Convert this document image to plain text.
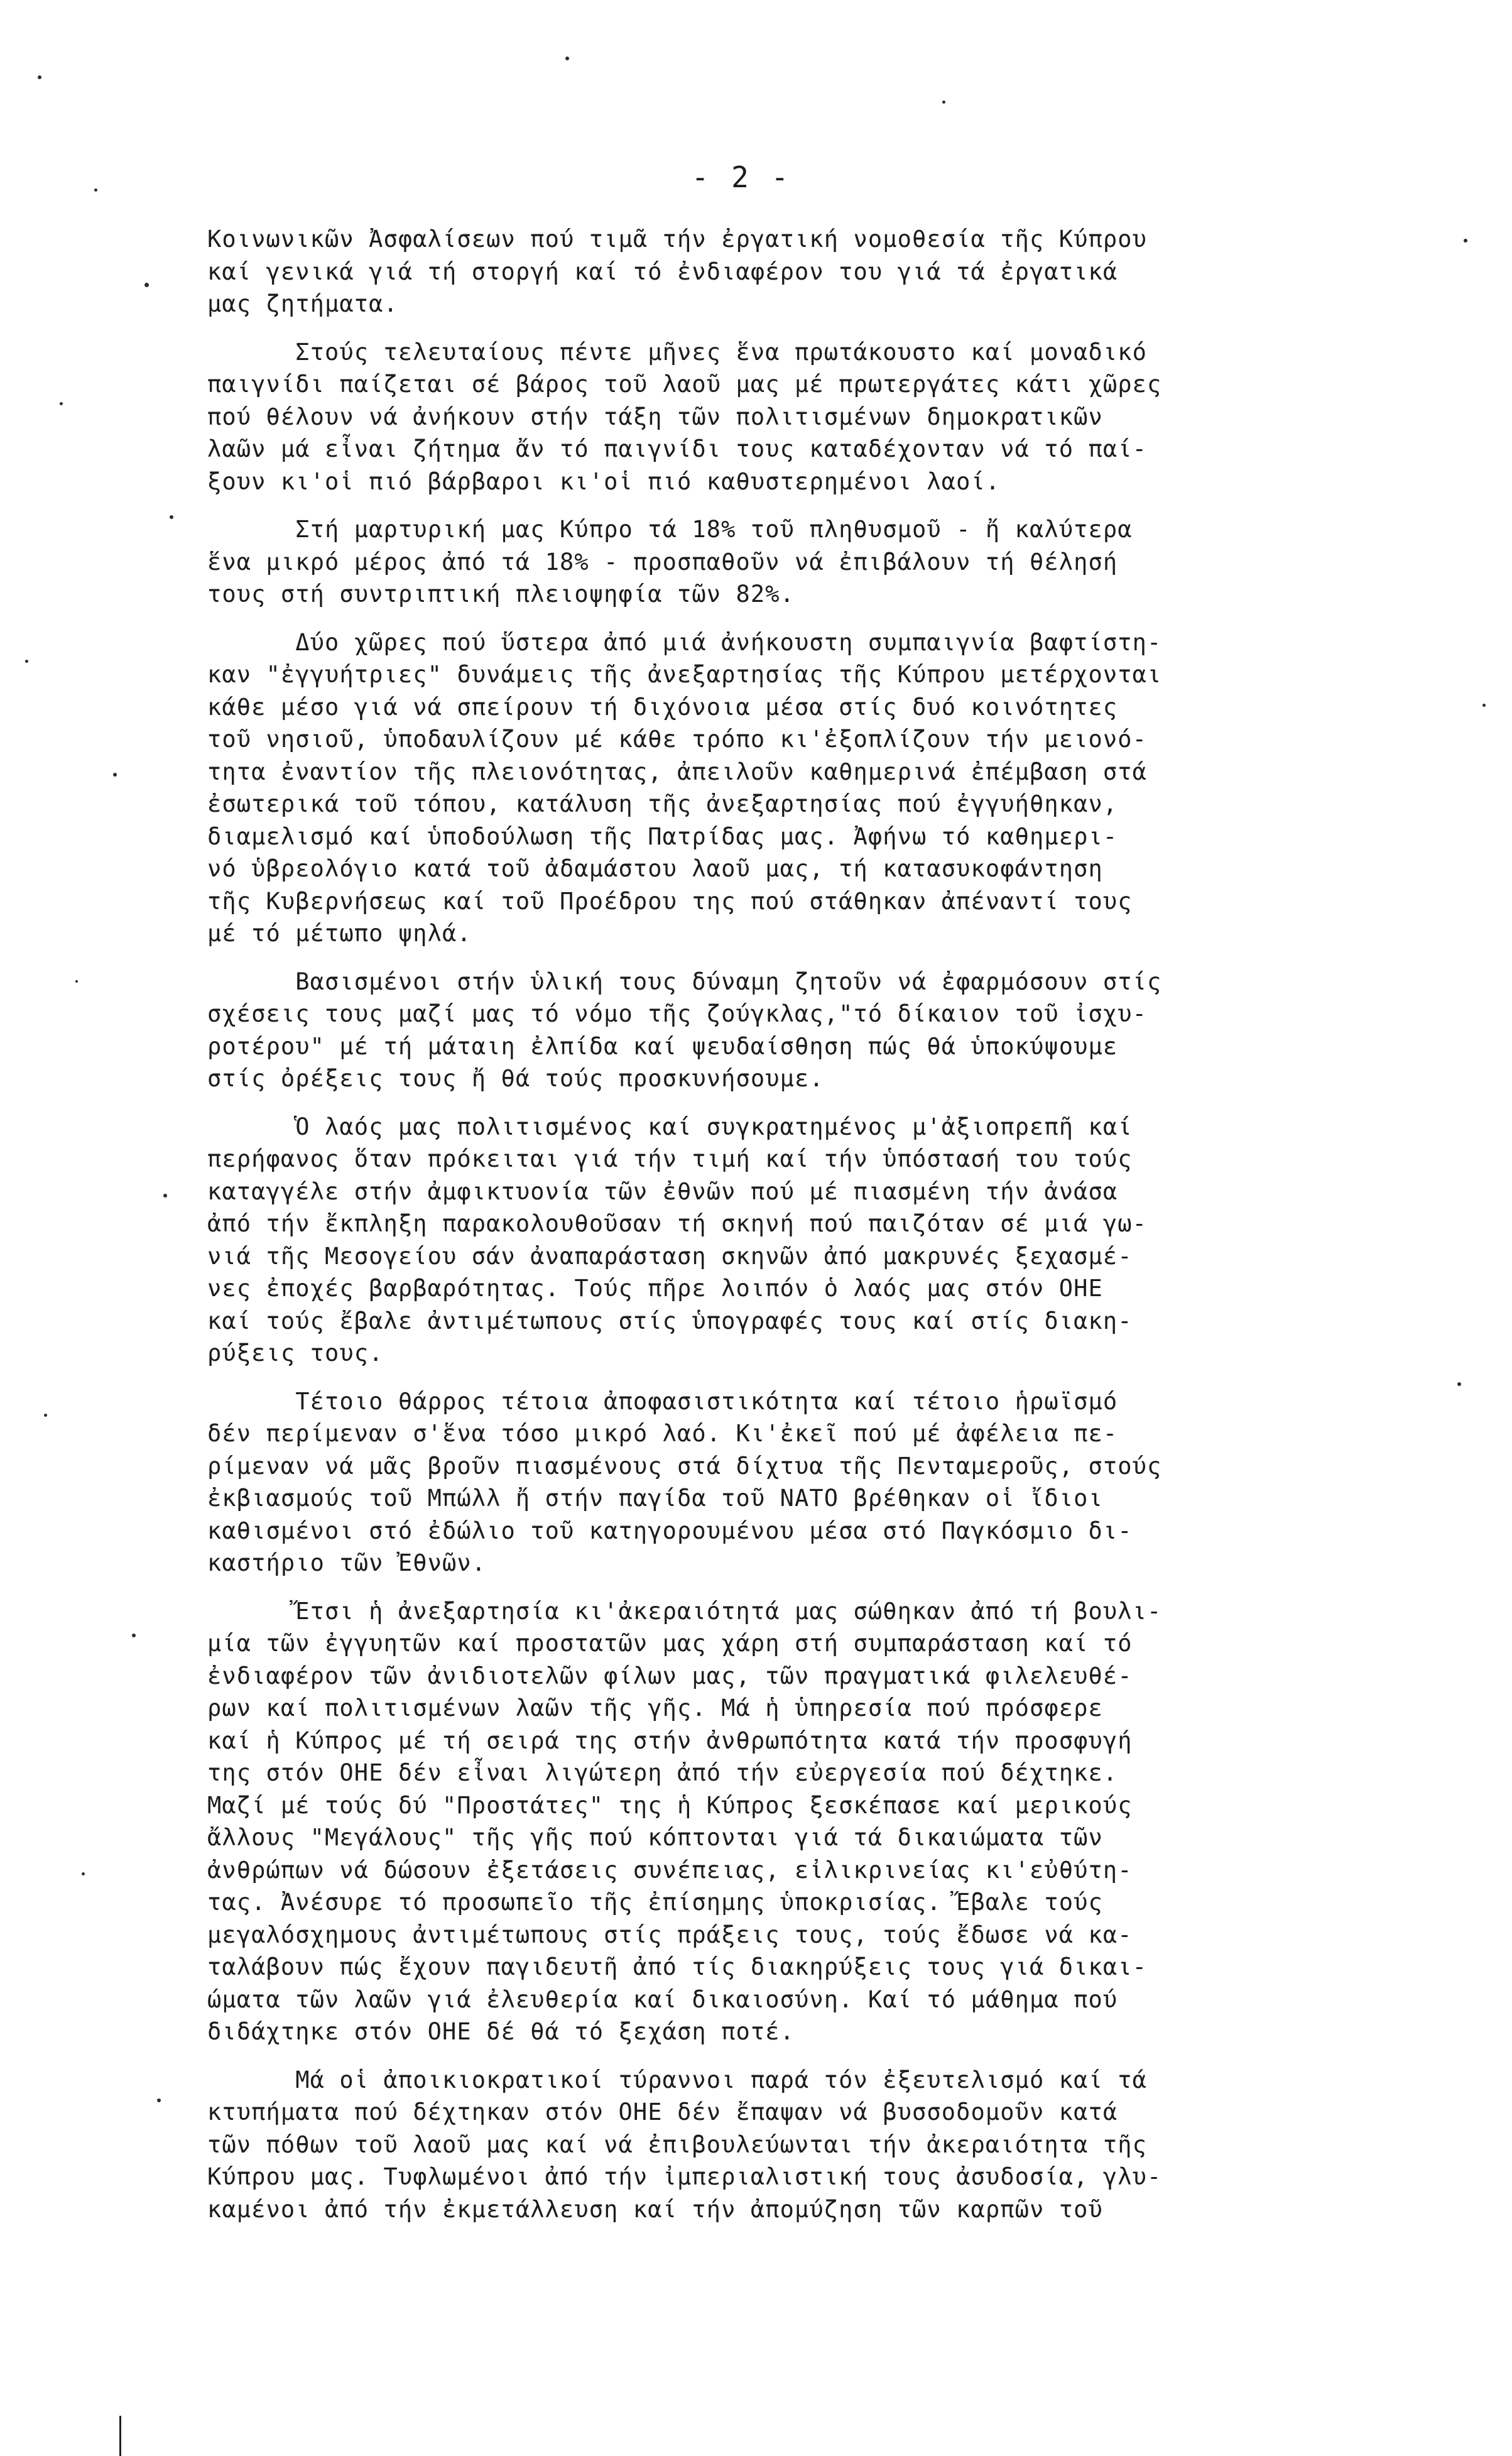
- 2 -
Κοινωνικῶν Ἀσφαλίσεων πού τιμᾶ τήν ἐργατική νομοθεσία τῆς Κύπρου
καί γενικά γιά τή στοργή καί τό ἐνδιαφέρον του γιά τά ἐργατικά
μας ζητήματα.
Στούς τελευταίους πέντε μῆνες ἕνα πρωτάκουστο καί μοναδικό
παιγνίδι παίζεται σέ βάρος τοῦ λαοῦ μας μέ πρωτεργάτες κάτι χῶρες
πού θέλουν νά ἀνήκουν στήν τάξη τῶν πολιτισμένων δημοκρατικῶν
λαῶν μά εἶναι ζήτημα ἄν τό παιγνίδι τους καταδέχονταν νά τό παί-
ξουν κι'οἱ πιό βάρβαροι κι'οἱ πιό καθυστερημένοι λαοί.
Στή μαρτυρική μας Κύπρο τά 18% τοῦ πληθυσμοῦ - ἤ καλύτερα
ἕνα μικρό μέρος ἀπό τά 18% - προσπαθοῦν νά ἐπιβάλουν τή θέλησή
τους στή συντριπτική πλειοψηφία τῶν 82%.
Δύο χῶρες πού ὕστερα ἀπό μιά ἀνήκουστη συμπαιγνία βαφτίστη-
καν "ἐγγυήτριες" δυνάμεις τῆς ἀνεξαρτησίας τῆς Κύπρου μετέρχονται
κάθε μέσο γιά νά σπείρουν τή διχόνοια μέσα στίς δυό κοινότητες
τοῦ νησιοῦ, ὑποδαυλίζουν μέ κάθε τρόπο κι'ἐξοπλίζουν τήν μειονό-
τητα ἐναντίον τῆς πλειονότητας, ἀπειλοῦν καθημερινά ἐπέμβαση στά
ἐσωτερικά τοῦ τόπου, κατάλυση τῆς ἀνεξαρτησίας πού ἐγγυήθηκαν,
διαμελισμό καί ὑποδούλωση τῆς Πατρίδας μας. Ἀφήνω τό καθημερι-
νό ὑβρεολόγιο κατά τοῦ ἀδαμάστου λαοῦ μας, τή κατασυκοφάντηση
τῆς Κυβερνήσεως καί τοῦ Προέδρου της πού στάθηκαν ἀπέναντί τους
μέ τό μέτωπο ψηλά.
Βασισμένοι στήν ὑλική τους δύναμη ζητοῦν νά ἐφαρμόσουν στίς
σχέσεις τους μαζί μας τό νόμο τῆς ζούγκλας,"τό δίκαιον τοῦ ἰσχυ-
ροτέρου" μέ τή μάταιη ἐλπίδα καί ψευδαίσθηση πώς θά ὑποκύψουμε
στίς ὀρέξεις τους ἤ θά τούς προσκυνήσουμε.
Ὁ λαός μας πολιτισμένος καί συγκρατημένος μ'ἀξιοπρεπῆ καί
περήφανος ὅταν πρόκειται γιά τήν τιμή καί τήν ὑπόστασή του τούς
καταγγέλε στήν ἀμφικτυονία τῶν ἐθνῶν πού μέ πιασμένη τήν ἀνάσα
ἀπό τήν ἔκπληξη παρακολουθοῦσαν τή σκηνή πού παιζόταν σέ μιά γω-
νιά τῆς Μεσογείου σάν ἀναπαράσταση σκηνῶν ἀπό μακρυνές ξεχασμέ-
νες ἐποχές βαρβαρότητας. Τούς πῆρε λοιπόν ὁ λαός μας στόν ΟΗΕ
καί τούς ἔβαλε ἀντιμέτωπους στίς ὑπογραφές τους καί στίς διακη-
ρύξεις τους.
Τέτοιο θάρρος τέτοια ἀποφασιστικότητα καί τέτοιο ἡρωϊσμό
δέν περίμεναν σ'ἕνα τόσο μικρό λαό. Κι'ἐκεῖ πού μέ ἀφέλεια πε-
ρίμεναν νά μᾶς βροῦν πιασμένους στά δίχτυα τῆς Πενταμεροῦς, στούς
ἐκβιασμούς τοῦ Μπώλλ ἤ στήν παγίδα τοῦ ΝΑΤΟ βρέθηκαν οἱ ἴδιοι
καθισμένοι στό ἐδώλιο τοῦ κατηγορουμένου μέσα στό Παγκόσμιο δι-
καστήριο τῶν Ἐθνῶν.
Ἔτσι ἡ ἀνεξαρτησία κι'ἀκεραιότητά μας σώθηκαν ἀπό τή βουλι-
μία τῶν ἐγγυητῶν καί προστατῶν μας χάρη στή συμπαράσταση καί τό
ἐνδιαφέρον τῶν ἀνιδιοτελῶν φίλων μας, τῶν πραγματικά φιλελευθέ-
ρων καί πολιτισμένων λαῶν τῆς γῆς. Μά ἡ ὑπηρεσία πού πρόσφερε
καί ἡ Κύπρος μέ τή σειρά της στήν ἀνθρωπότητα κατά τήν προσφυγή
της στόν ΟΗΕ δέν εἶναι λιγώτερη ἀπό τήν εὐεργεσία πού δέχτηκε.
Μαζί μέ τούς δύ "Προστάτες" της ἡ Κύπρος ξεσκέπασε καί μερικούς
ἄλλους "Μεγάλους" τῆς γῆς πού κόπτονται γιά τά δικαιώματα τῶν
ἀνθρώπων νά δώσουν ἐξετάσεις συνέπειας, εἰλικρινείας κι'εὐθύτη-
τας. Ἀνέσυρε τό προσωπεῖο τῆς ἐπίσημης ὑποκρισίας. Ἔβαλε τούς
μεγαλόσχημους ἀντιμέτωπους στίς πράξεις τους, τούς ἔδωσε νά κα-
ταλάβουν πώς ἔχουν παγιδευτῆ ἀπό τίς διακηρύξεις τους γιά δικαι-
ώματα τῶν λαῶν γιά ἐλευθερία καί δικαιοσύνη. Καί τό μάθημα πού
διδάχτηκε στόν ΟΗΕ δέ θά τό ξεχάση ποτέ.
Μά οἱ ἀποικιοκρατικοί τύραννοι παρά τόν ἐξευτελισμό καί τά
κτυπήματα πού δέχτηκαν στόν ΟΗΕ δέν ἔπαψαν νά βυσσοδομοῦν κατά
τῶν πόθων τοῦ λαοῦ μας καί νά ἐπιβουλεύωνται τήν ἀκεραιότητα τῆς
Κύπρου μας. Τυφλωμένοι ἀπό τήν ἰμπεριαλιστική τους ἀσυδοσία, γλυ-
καμένοι ἀπό τήν ἐκμετάλλευση καί τήν ἀπομύζηση τῶν καρπῶν τοῦ
